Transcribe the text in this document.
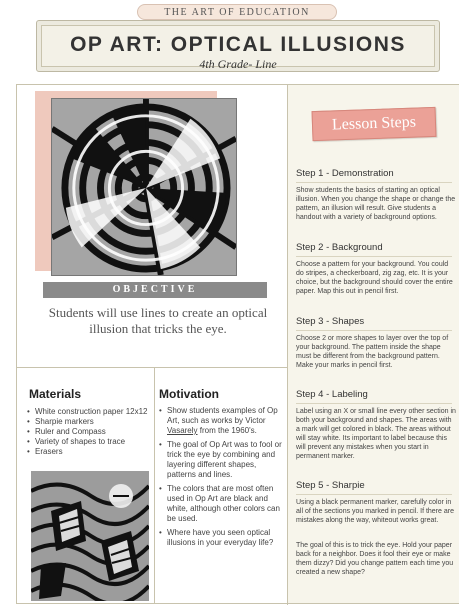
THE ART OF EDUCATION
OP ART: OPTICAL ILLUSIONS
4th Grade- Line
Lesson Steps
Step 1 - Demonstration
Show students the basics of starting an optical illusion. When you change the shape or change the pattern, an illusion will result. Give students a handout with a variety of background options.
Step 2 - Background
Choose a pattern for your background. You could do stripes, a checkerboard, zig zag, etc. It is your choice, but the background should cover the entire paper. Map this out in pencil first.
Step 3 - Shapes
Choose 2 or more shapes to layer over the top of your background. The pattern inside the shape must be different from the background pattern. Make your marks in pencil first.
Step 4 - Labeling
Label using an X or small line every other section in both your background and shapes. The areas with a mark will get colored in black. The areas without will stay white. Its important to label because this will prevent any mistakes when you start in permanent marker.
Step 5 - Sharpie
Using a black permanent marker, carefully color in all of the sections you marked in pencil. If there are mistakes along the way, whiteout works great.
The goal of this is to trick the eye. Hold your paper back for a neighbor. Does it fool their eye or make them dizzy? Did you change pattern each time you created a new shape?
OBJECTIVE
Students will use lines to create an optical illusion that tricks the eye.
Materials
• White construction paper 12x12
• Sharpie markers
• Ruler and Compass
• Variety of shapes to trace
• Erasers
Motivation
• Show students examples of Op Art, such as works by Victor Vasarely from the 1960's.
• The goal of Op Art was to fool or trick the eye by combining and layering different shapes, patterns and lines.
• The colors that are most often used in Op Art are black and white, although other colors can be used.
• Where have you seen optical illusions in your everyday life?
